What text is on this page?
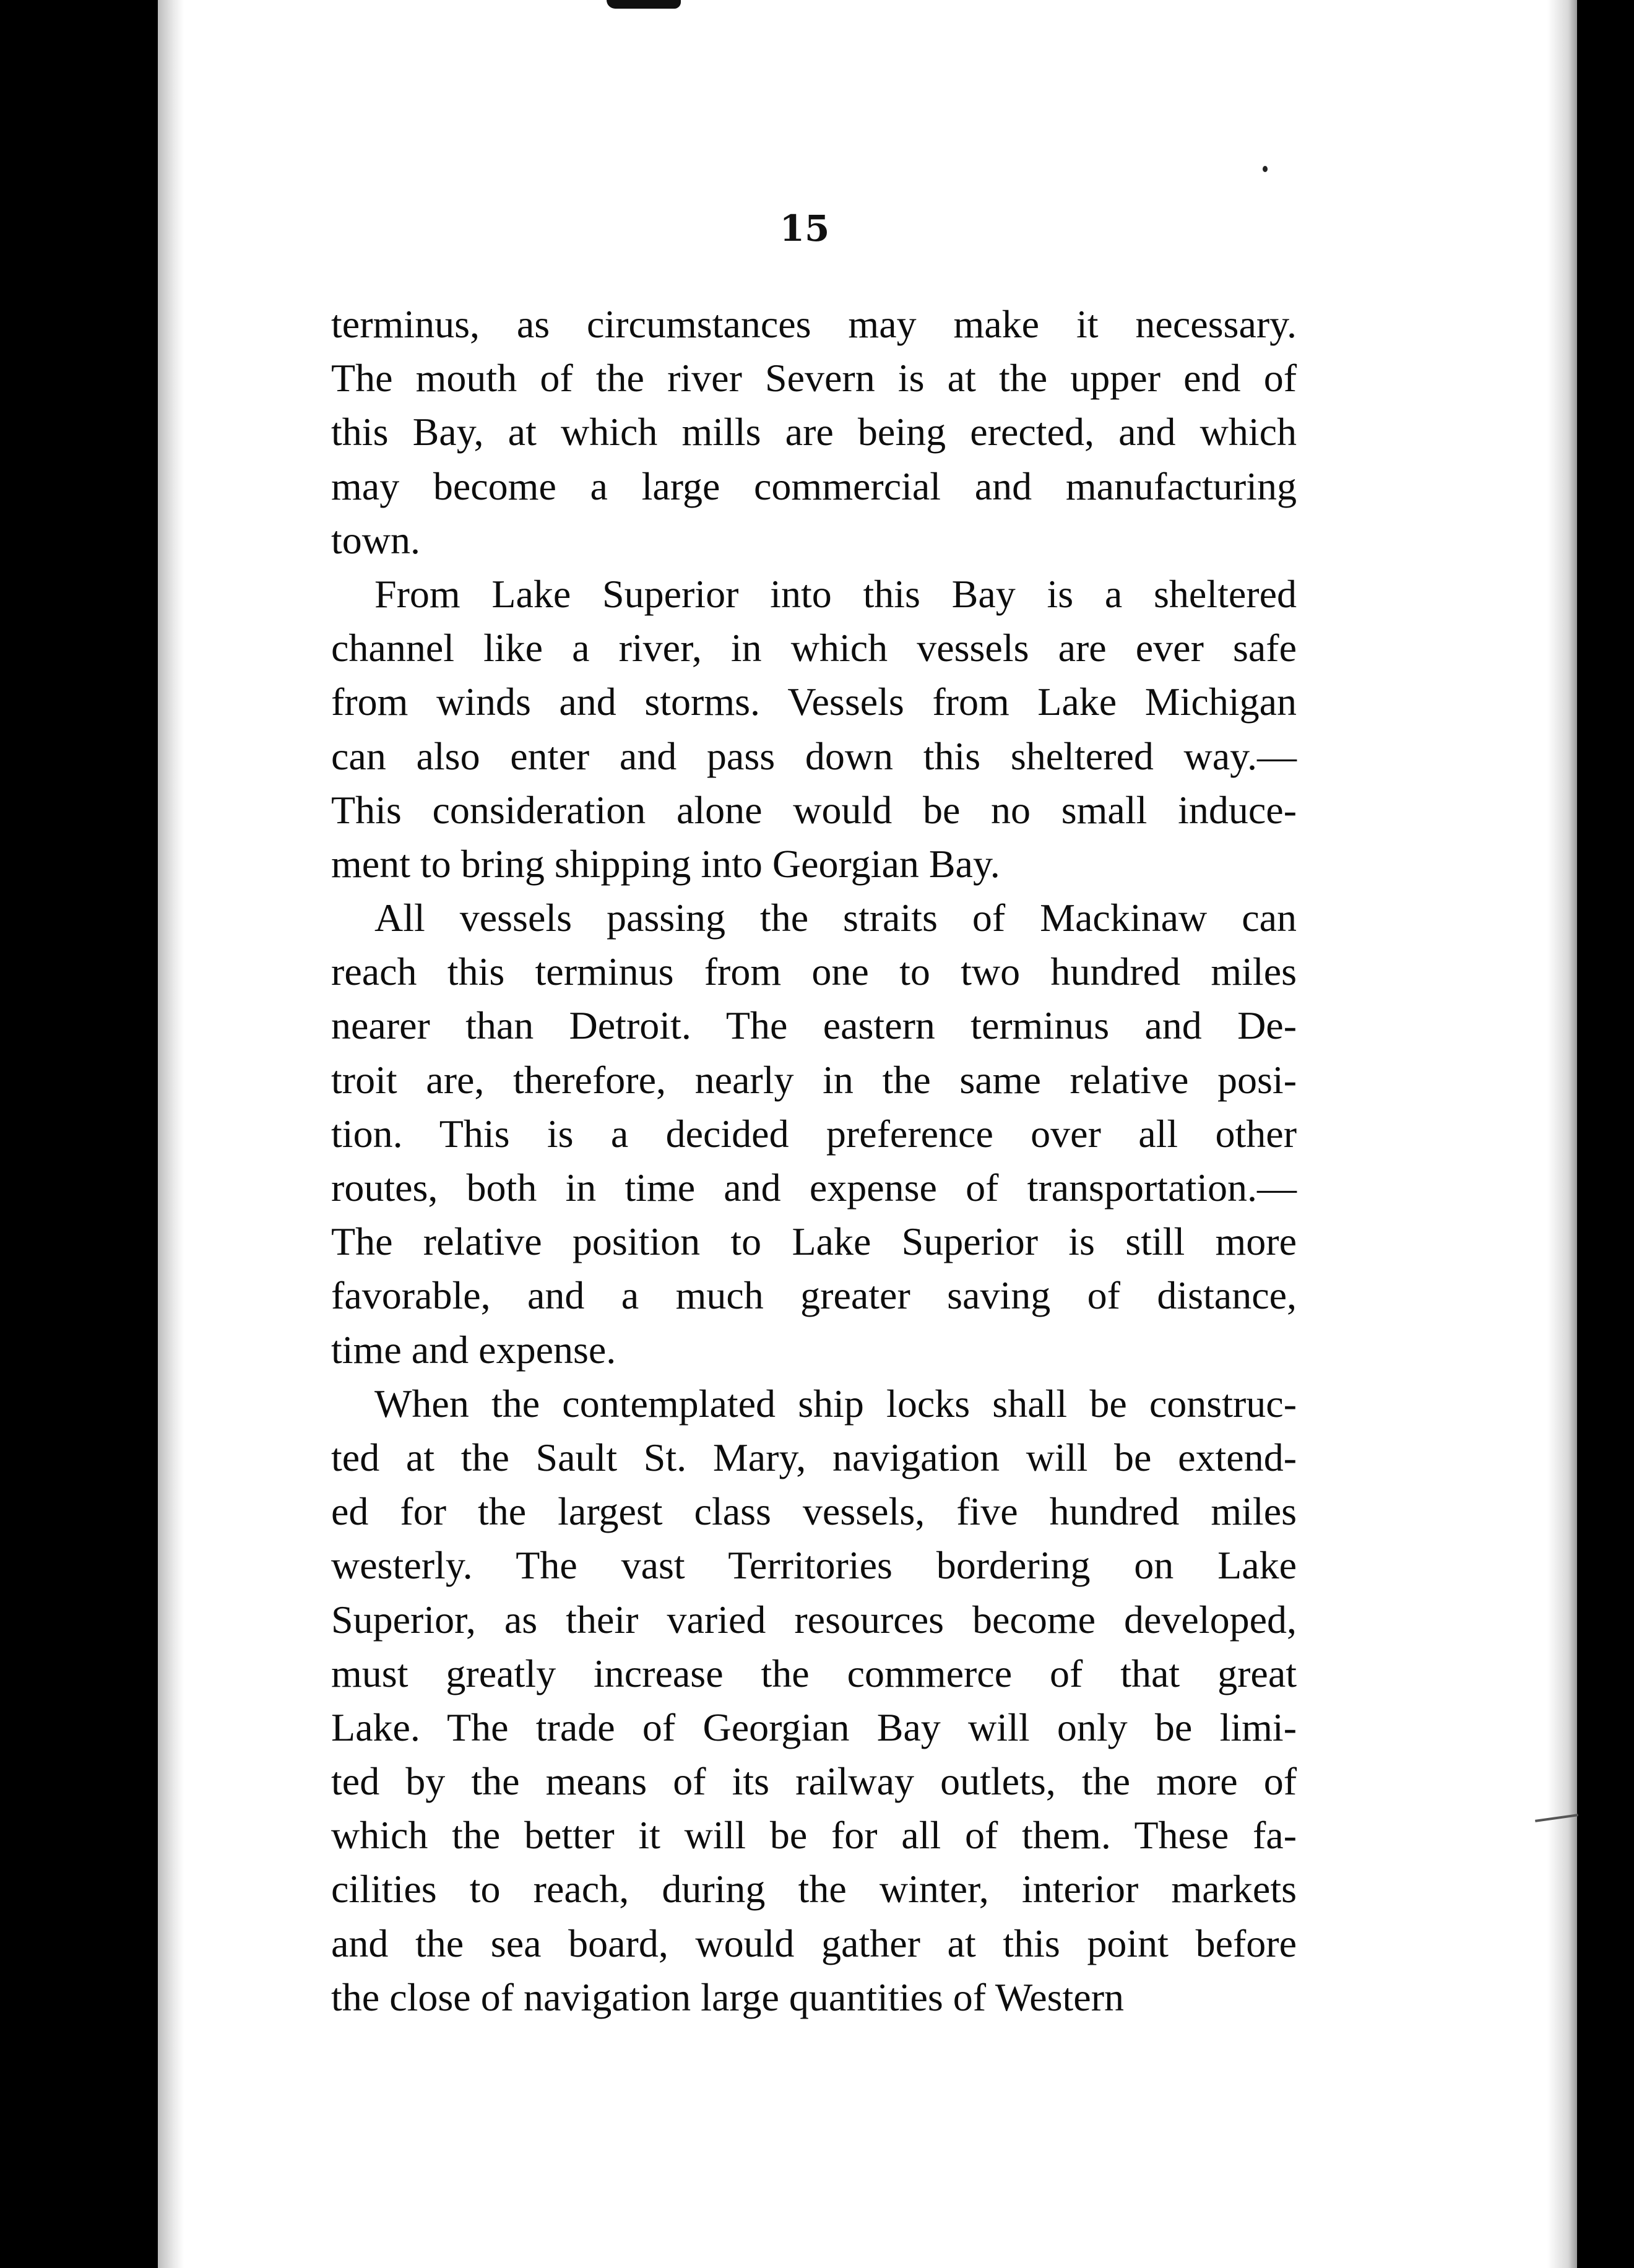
15
terminus, as circumstances may make it necessary.
The mouth of the river Severn is at the upper end of
this Bay, at which mills are being erected, and which
may become a large commercial and manufacturing
town.
From Lake Superior into this Bay is a sheltered
channel like a river, in which vessels are ever safe
from winds and storms. Vessels from Lake Michigan
can also enter and pass down this sheltered way.—
This consideration alone would be no small induce-
ment to bring shipping into Georgian Bay.
All vessels passing the straits of Mackinaw can
reach this terminus from one to two hundred miles
nearer than Detroit. The eastern terminus and De-
troit are, therefore, nearly in the same relative posi-
tion. This is a decided preference over all other
routes, both in time and expense of transportation.—
The relative position to Lake Superior is still more
favorable, and a much greater saving of distance,
time and expense.
When the contemplated ship locks shall be construc-
ted at the Sault St. Mary, navigation will be extend-
ed for the largest class vessels, five hundred miles
westerly. The vast Territories bordering on Lake
Superior, as their varied resources become developed,
must greatly increase the commerce of that great
Lake. The trade of Georgian Bay will only be limi-
ted by the means of its railway outlets, the more of
which the better it will be for all of them. These fa-
cilities to reach, during the winter, interior markets
and the sea board, would gather at this point before
the close of navigation large quantities of Western
